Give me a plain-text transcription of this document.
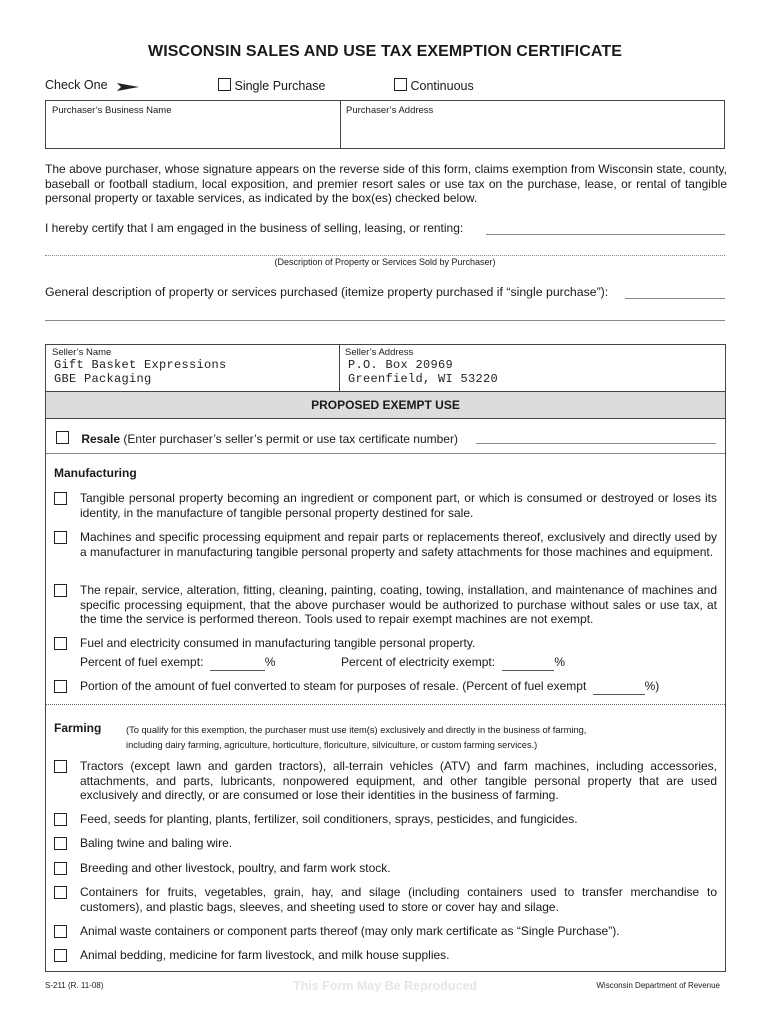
WISCONSIN SALES AND USE TAX EXEMPTION CERTIFICATE
Check One	Single Purchase	Continuous
Purchaser’s Business Name	Purchaser’s Address
The above purchaser, whose signature appears on the reverse side of this form, claims exemption from Wisconsin state, county, baseball or football stadium, local exposition, and premier resort sales or use tax on the purchase, lease, or rental of tangible personal property or taxable services, as indicated by the box(es) checked below.
I hereby certify that I am engaged in the business of selling, leasing, or renting:
(Description of Property or Services Sold by Purchaser)
General description of property or services purchased (itemize property purchased if “single purchase”):
Seller’s Name
Gift Basket Expressions
GBE Packaging
Seller’s Address
P.O. Box 20969
Greenfield, WI 53220
PROPOSED EXEMPT USE
Resale (Enter purchaser’s seller’s permit or use tax certificate number)
Manufacturing
Tangible personal property becoming an ingredient or component part, or which is consumed or destroyed or loses its identity, in the manufacture of tangible personal property destined for sale.
Machines and specific processing equipment and repair parts or replacements thereof, exclusively and directly used by a manufacturer in manufacturing tangible personal property and safety attachments for those machines and equipment.
The repair, service, alteration, fitting, cleaning, painting, coating, towing, installation, and maintenance of machines and specific processing equipment, that the above purchaser would be authorized to purchase without sales or use tax, at the time the service is performed thereon. Tools used to repair exempt machines are not exempt.
Fuel and electricity consumed in manufacturing tangible personal property.
Percent of fuel exempt:	%	Percent of electricity exempt:	%
Portion of the amount of fuel converted to steam for purposes of resale. (Percent of fuel exempt	%)
Farming	(To qualify for this exemption, the purchaser must use item(s) exclusively and directly in the business of farming,
including dairy farming, agriculture, horticulture, floriculture, silviculture, or custom farming services.)
Tractors (except lawn and garden tractors), all-terrain vehicles (ATV) and farm machines, including accessories, attachments, and parts, lubricants, nonpowered equipment, and other tangible personal property that are used exclusively and directly, or are consumed or lose their identities in the business of farming.
Feed, seeds for planting, plants, fertilizer, soil conditioners, sprays, pesticides, and fungicides.
Baling twine and baling wire.
Breeding and other livestock, poultry, and farm work stock.
Containers for fruits, vegetables, grain, hay, and silage (including containers used to transfer merchandise to customers), and plastic bags, sleeves, and sheeting used to store or cover hay and silage.
Animal waste containers or component parts thereof (may only mark certificate as “Single Purchase”).
Animal bedding, medicine for farm livestock, and milk house supplies.
S-211 (R. 11-08)	This Form May Be Reproduced	Wisconsin Department of Revenue
